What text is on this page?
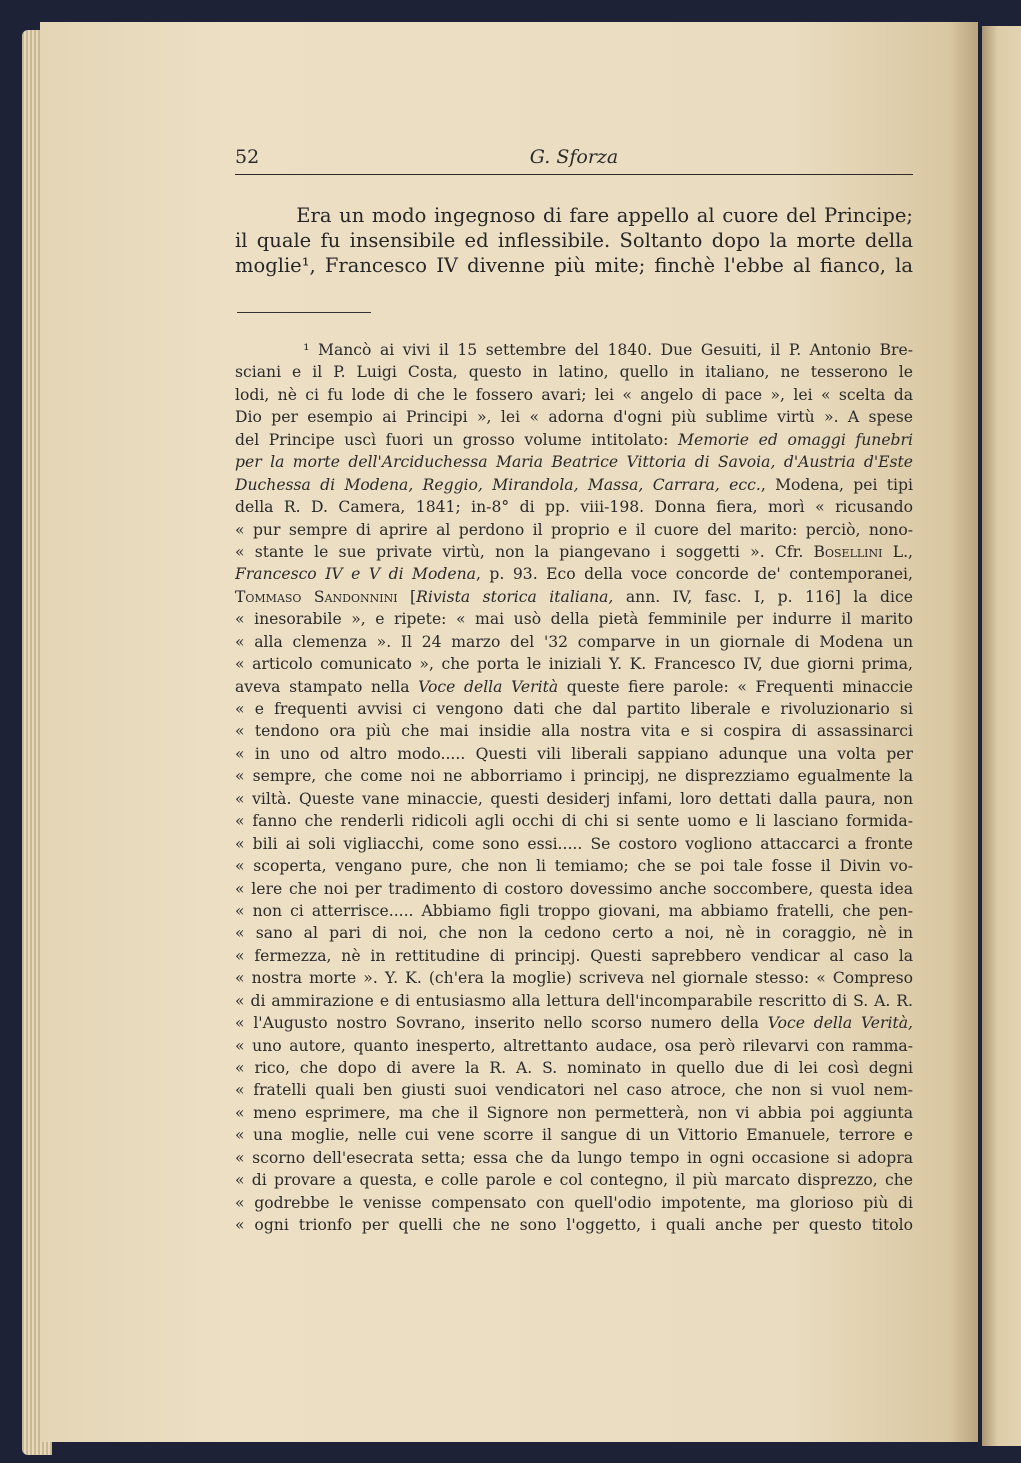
G. Sforza
52
Era un modo ingegnoso di fare appello al cuore del Principe;
il quale fu insensibile ed inflessibile. Soltanto dopo la morte della
moglie¹, Francesco IV divenne più mite; finchè l'ebbe al fianco, la
¹ Mancò ai vivi il 15 settembre del 1840. Due Gesuiti, il P. Antonio Bre-
sciani e il P. Luigi Costa, questo in latino, quello in italiano, ne tesserono le
lodi, nè ci fu lode di che le fossero avari; lei « angelo di pace », lei « scelta da
Dio per esempio ai Principi », lei « adorna d'ogni più sublime virtù ». A spese
del Principe uscì fuori un grosso volume intitolato: Memorie ed omaggi funebri
per la morte dell'Arciduchessa Maria Beatrice Vittoria di Savoia, d'Austria d'Este
Duchessa di Modena, Reggio, Mirandola, Massa, Carrara, ecc., Modena, pei tipi
della R. D. Camera, 1841; in-8° di pp. viii-198. Donna fiera, morì « ricusando
« pur sempre di aprire al perdono il proprio e il cuore del marito: perciò, nono-
« stante le sue private virtù, non la piangevano i soggetti ». Cfr. Bosellini L.,
Francesco IV e V di Modena, p. 93. Eco della voce concorde de' contemporanei,
Tommaso Sandonnini [Rivista storica italiana, ann. IV, fasc. I, p. 116] la dice
« inesorabile », e ripete: « mai usò della pietà femminile per indurre il marito
« alla clemenza ». Il 24 marzo del '32 comparve in un giornale di Modena un
« articolo comunicato », che porta le iniziali Y. K. Francesco IV, due giorni prima,
aveva stampato nella Voce della Verità queste fiere parole: « Frequenti minaccie
« e frequenti avvisi ci vengono dati che dal partito liberale e rivoluzionario si
« tendono ora più che mai insidie alla nostra vita e si cospira di assassinarci
« in uno od altro modo..... Questi vili liberali sappiano adunque una volta per
« sempre, che come noi ne abborriamo i principj, ne disprezziamo egualmente la
« viltà. Queste vane minaccie, questi desiderj infami, loro dettati dalla paura, non
« fanno che renderli ridicoli agli occhi di chi si sente uomo e li lasciano formida-
« bili ai soli vigliacchi, come sono essi..... Se costoro vogliono attaccarci a fronte
« scoperta, vengano pure, che non li temiamo; che se poi tale fosse il Divin vo-
« lere che noi per tradimento di costoro dovessimo anche soccombere, questa idea
« non ci atterrisce..... Abbiamo figli troppo giovani, ma abbiamo fratelli, che pen-
« sano al pari di noi, che non la cedono certo a noi, nè in coraggio, nè in
« fermezza, nè in rettitudine di principj. Questi saprebbero vendicar al caso la
« nostra morte ». Y. K. (ch'era la moglie) scriveva nel giornale stesso: « Compreso
« di ammirazione e di entusiasmo alla lettura dell'incomparabile rescritto di S. A. R.
« l'Augusto nostro Sovrano, inserito nello scorso numero della Voce della Verità,
« uno autore, quanto inesperto, altrettanto audace, osa però rilevarvi con ramma-
« rico, che dopo di avere la R. A. S. nominato in quello due di lei così degni
« fratelli quali ben giusti suoi vendicatori nel caso atroce, che non si vuol nem-
« meno esprimere, ma che il Signore non permetterà, non vi abbia poi aggiunta
« una moglie, nelle cui vene scorre il sangue di un Vittorio Emanuele, terrore e
« scorno dell'esecrata setta; essa che da lungo tempo in ogni occasione si adopra
« di provare a questa, e colle parole e col contegno, il più marcato disprezzo, che
« godrebbe le venisse compensato con quell'odio impotente, ma glorioso più di
« ogni trionfo per quelli che ne sono l'oggetto, i quali anche per questo titolo
